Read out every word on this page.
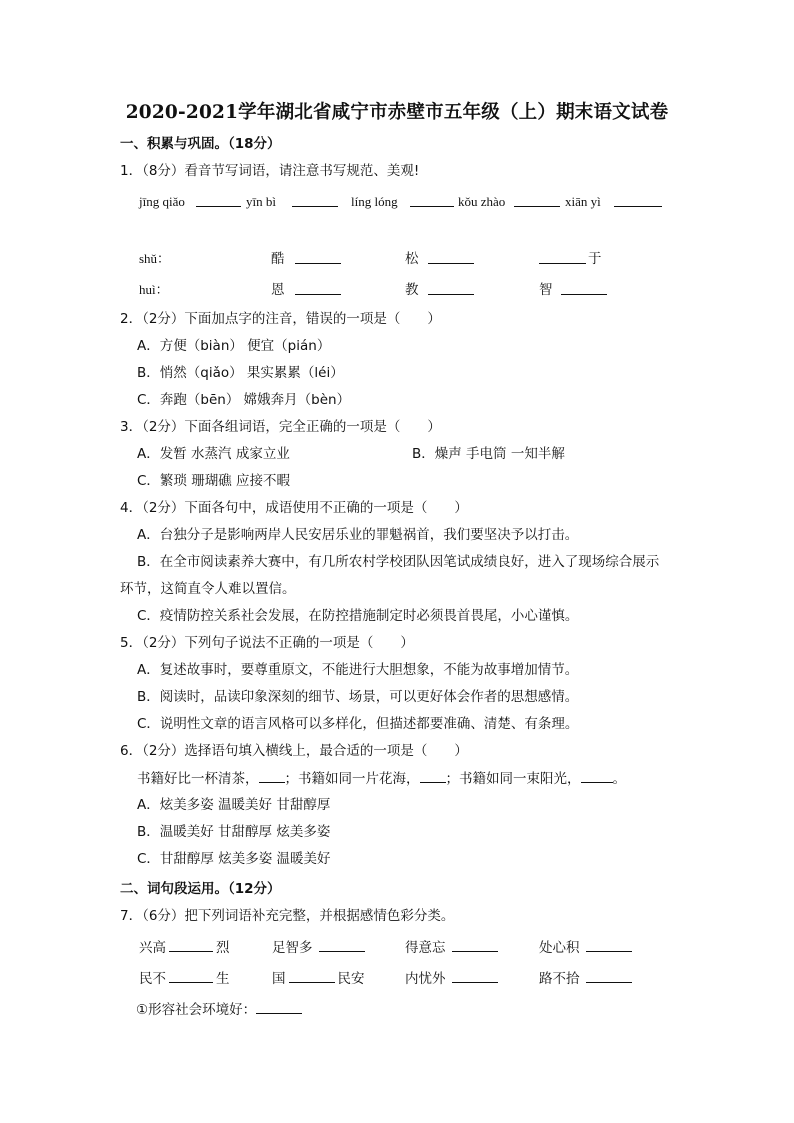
2020-2021学年湖北省咸宁市赤壁市五年级（上）期末语文试卷
一、积累与巩固。（18分）
1．（8分）看音节写词语，请注意书写规范、美观!
jīng qiǎo	yīn bì	líng lóng	kǒu zhào	xiān yì
shǔ：	酷	松	于
huì：	恩	教	智
2．（2分）下面加点字的注音，错误的一项是（　　）
A．方便（biàn） 便宜（pián）
B．悄然（qiǎo） 果实累累（léi）
C．奔跑（bēn） 嫦娥奔月（bèn）
3．（2分）下面各组词语，完全正确的一项是（　　）
A．发暂 水蒸汽 成家立业	B．燥声 手电筒 一知半解
C．繁琐 珊瑚礁 应接不暇
4．（2分）下面各句中，成语使用不正确的一项是（　　）
A．台独分子是影响两岸人民安居乐业的罪魁祸首，我们要坚决予以打击。
B．在全市阅读素养大赛中，有几所农村学校团队因笔试成绩良好，进入了现场综合展示
环节，这简直令人难以置信。
C．疫情防控关系社会发展，在防控措施制定时必须畏首畏尾，小心谨慎。
5．（2分）下列句子说法不正确的一项是（　　）
A．复述故事时，要尊重原文，不能进行大胆想象，不能为故事增加情节。
B．阅读时，品读印象深刻的细节、场景，可以更好体会作者的思想感情。
C．说明性文章的语言风格可以多样化，但描述都要准确、清楚、有条理。
6．（2分）选择语句填入横线上，最合适的一项是（　　）
书籍好比一杯清茶， ；书籍如同一片花海， ；书籍如同一束阳光， 。
A．炫美多姿 温暖美好 甘甜醇厚
B．温暖美好 甘甜醇厚 炫美多姿
C．甘甜醇厚 炫美多姿 温暖美好
二、词句段运用。（12分）
7．（6分）把下列词语补充完整，并根据感情色彩分类。
兴高	烈	足智多	得意忘	处心积
民不	生	国	民安	内忧外	路不拾
①形容社会环境好：
